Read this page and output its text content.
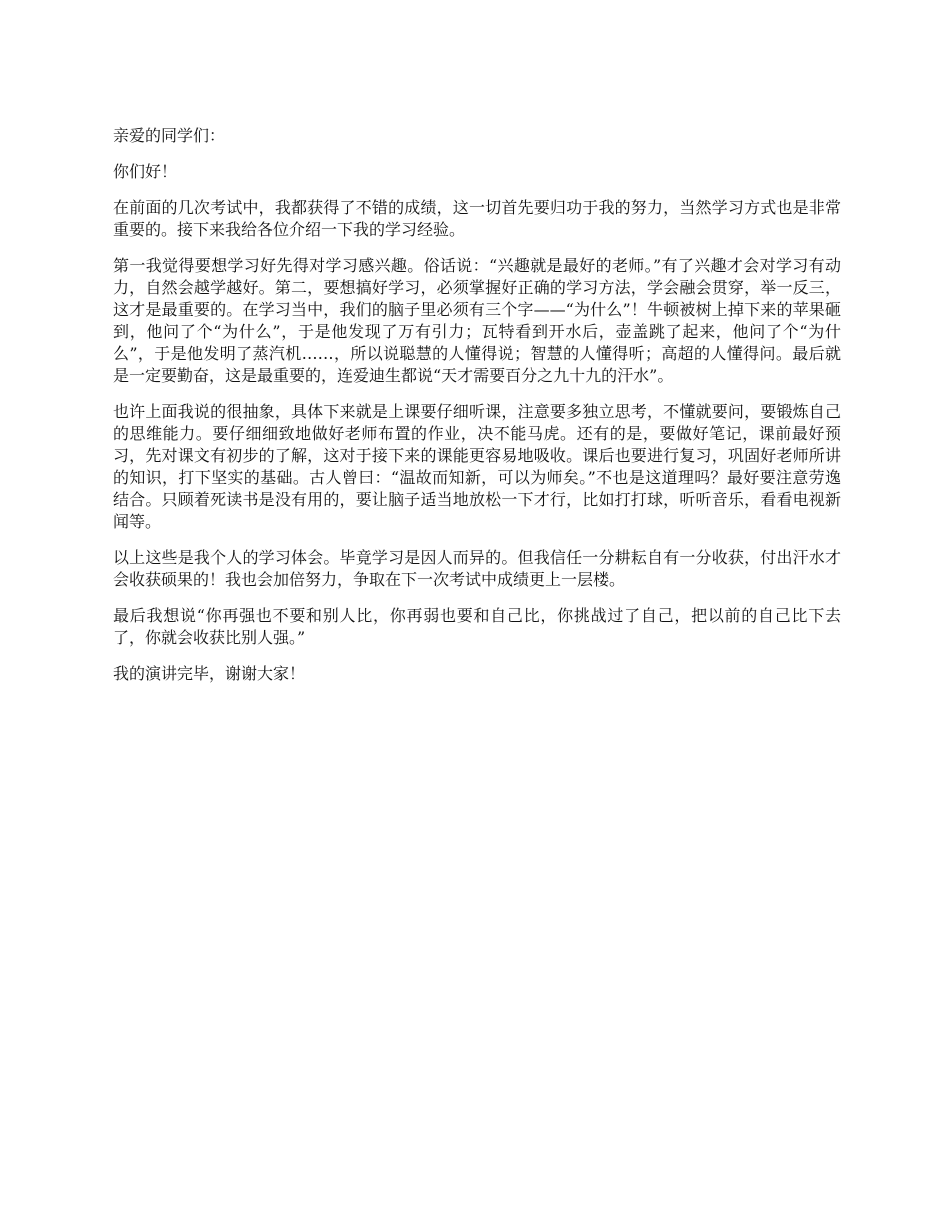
亲爱的同学们：

你们好！

在前面的几次考试中，我都获得了不错的成绩，这一切首先要归功于我的努力，当然学习方式也是非常重要的。接下来我给各位介绍一下我的学习经验。

第一我觉得要想学习好先得对学习感兴趣。俗话说：“兴趣就是最好的老师。”有了兴趣才会对学习有动力，自然会越学越好。第二，要想搞好学习，必须掌握好正确的学习方法，学会融会贯穿，举一反三，这才是最重要的。在学习当中，我们的脑子里必须有三个字——“为什么”！牛顿被树上掉下来的苹果砸到，他问了个“为什么”，于是他发现了万有引力；瓦特看到开水后，壶盖跳了起来，他问了个“为什么”，于是他发明了蒸汽机……，所以说聪慧的人懂得说；智慧的人懂得听；高超的人懂得问。最后就是一定要勤奋，这是最重要的，连爱迪生都说“天才需要百分之九十九的汗水”。

也许上面我说的很抽象，具体下来就是上课要仔细听课，注意要多独立思考，不懂就要问，要锻炼自己的思维能力。要仔细细致地做好老师布置的作业，决不能马虎。还有的是，要做好笔记，课前最好预习，先对课文有初步的了解，这对于接下来的课能更容易地吸收。课后也要进行复习，巩固好老师所讲的知识，打下坚实的基础。古人曾曰：“温故而知新，可以为师矣。”不也是这道理吗？最好要注意劳逸结合。只顾着死读书是没有用的，要让脑子适当地放松一下才行，比如打打球，听听音乐，看看电视新闻等。

以上这些是我个人的学习体会。毕竟学习是因人而异的。但我信任一分耕耘自有一分收获，付出汗水才会收获硕果的！我也会加倍努力，争取在下一次考试中成绩更上一层楼。

最后我想说“你再强也不要和别人比，你再弱也要和自己比，你挑战过了自己，把以前的自己比下去了，你就会收获比别人强。”

我的演讲完毕，谢谢大家！
